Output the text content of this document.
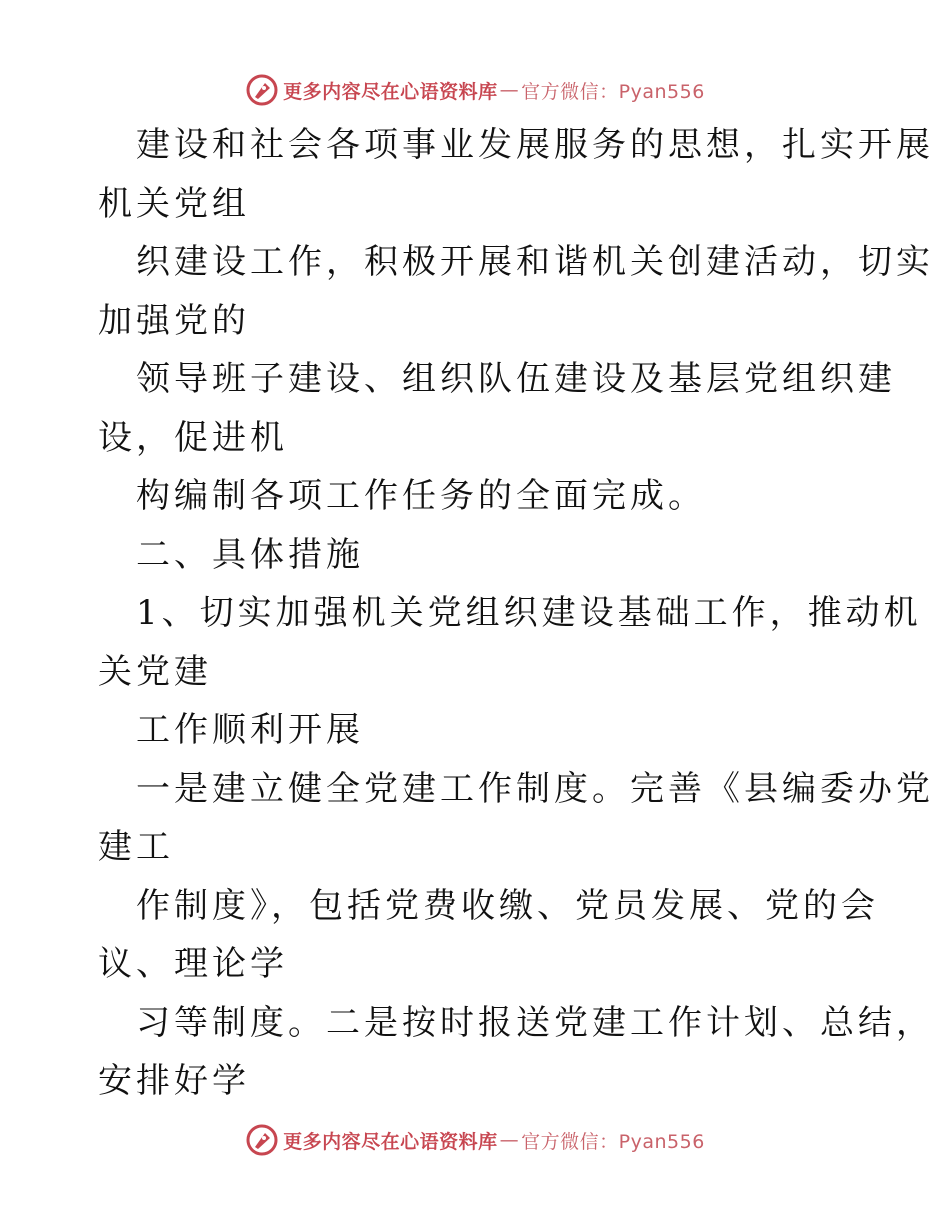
更多内容尽在心语资料库 — 官方微信：Pyan556
建设和社会各项事业发展服务的思想，扎实开展
机关党组
织建设工作，积极开展和谐机关创建活动，切实
加强党的
领导班子建设、组织队伍建设及基层党组织建
设，促进机
构编制各项工作任务的全面完成。
二、具体措施
1、切实加强机关党组织建设基础工作，推动机
关党建
工作顺利开展
一是建立健全党建工作制度。完善《县编委办党
建工
作制度》，包括党费收缴、党员发展、党的会
议、理论学
习等制度。二是按时报送党建工作计划、总结，
安排好学
更多内容尽在心语资料库 — 官方微信：Pyan556
